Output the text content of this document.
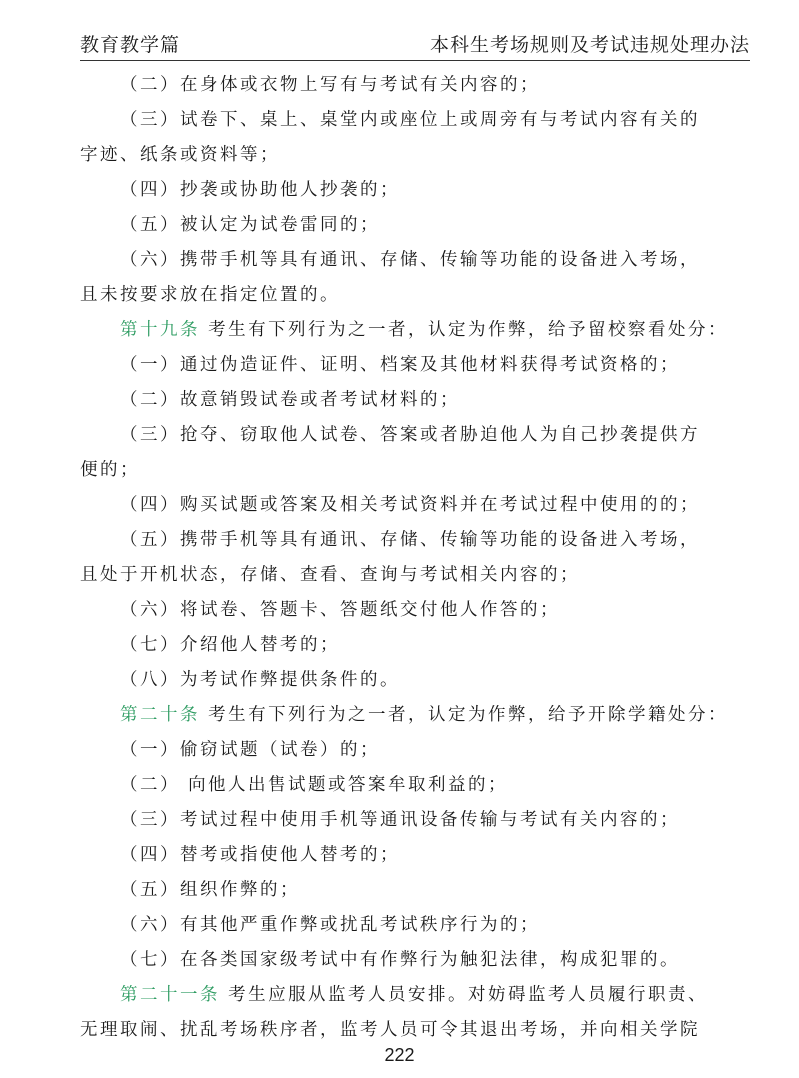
教育教学篇	本科生考场规则及考试违规处理办法
（二）在身体或衣物上写有与考试有关内容的；
（三）试卷下、桌上、桌堂内或座位上或周旁有与考试内容有关的
字迹、纸条或资料等；
（四）抄袭或协助他人抄袭的；
（五）被认定为试卷雷同的；
（六）携带手机等具有通讯、存储、传输等功能的设备进入考场，
且未按要求放在指定位置的。
第十九条 考生有下列行为之一者，认定为作弊，给予留校察看处分：
（一）通过伪造证件、证明、档案及其他材料获得考试资格的；
（二）故意销毁试卷或者考试材料的；
（三）抢夺、窃取他人试卷、答案或者胁迫他人为自己抄袭提供方
便的；
（四）购买试题或答案及相关考试资料并在考试过程中使用的的；
（五）携带手机等具有通讯、存储、传输等功能的设备进入考场，
且处于开机状态，存储、查看、查询与考试相关内容的；
（六）将试卷、答题卡、答题纸交付他人作答的；
（七）介绍他人替考的；
（八）为考试作弊提供条件的。
第二十条 考生有下列行为之一者，认定为作弊，给予开除学籍处分：
（一）偷窃试题（试卷）的；
（二） 向他人出售试题或答案牟取利益的；
（三）考试过程中使用手机等通讯设备传输与考试有关内容的；
（四）替考或指使他人替考的；
（五）组织作弊的；
（六）有其他严重作弊或扰乱考试秩序行为的；
（七）在各类国家级考试中有作弊行为触犯法律，构成犯罪的。
第二十一条 考生应服从监考人员安排。对妨碍监考人员履行职责、
无理取闹、扰乱考场秩序者，监考人员可令其退出考场，并向相关学院
222
